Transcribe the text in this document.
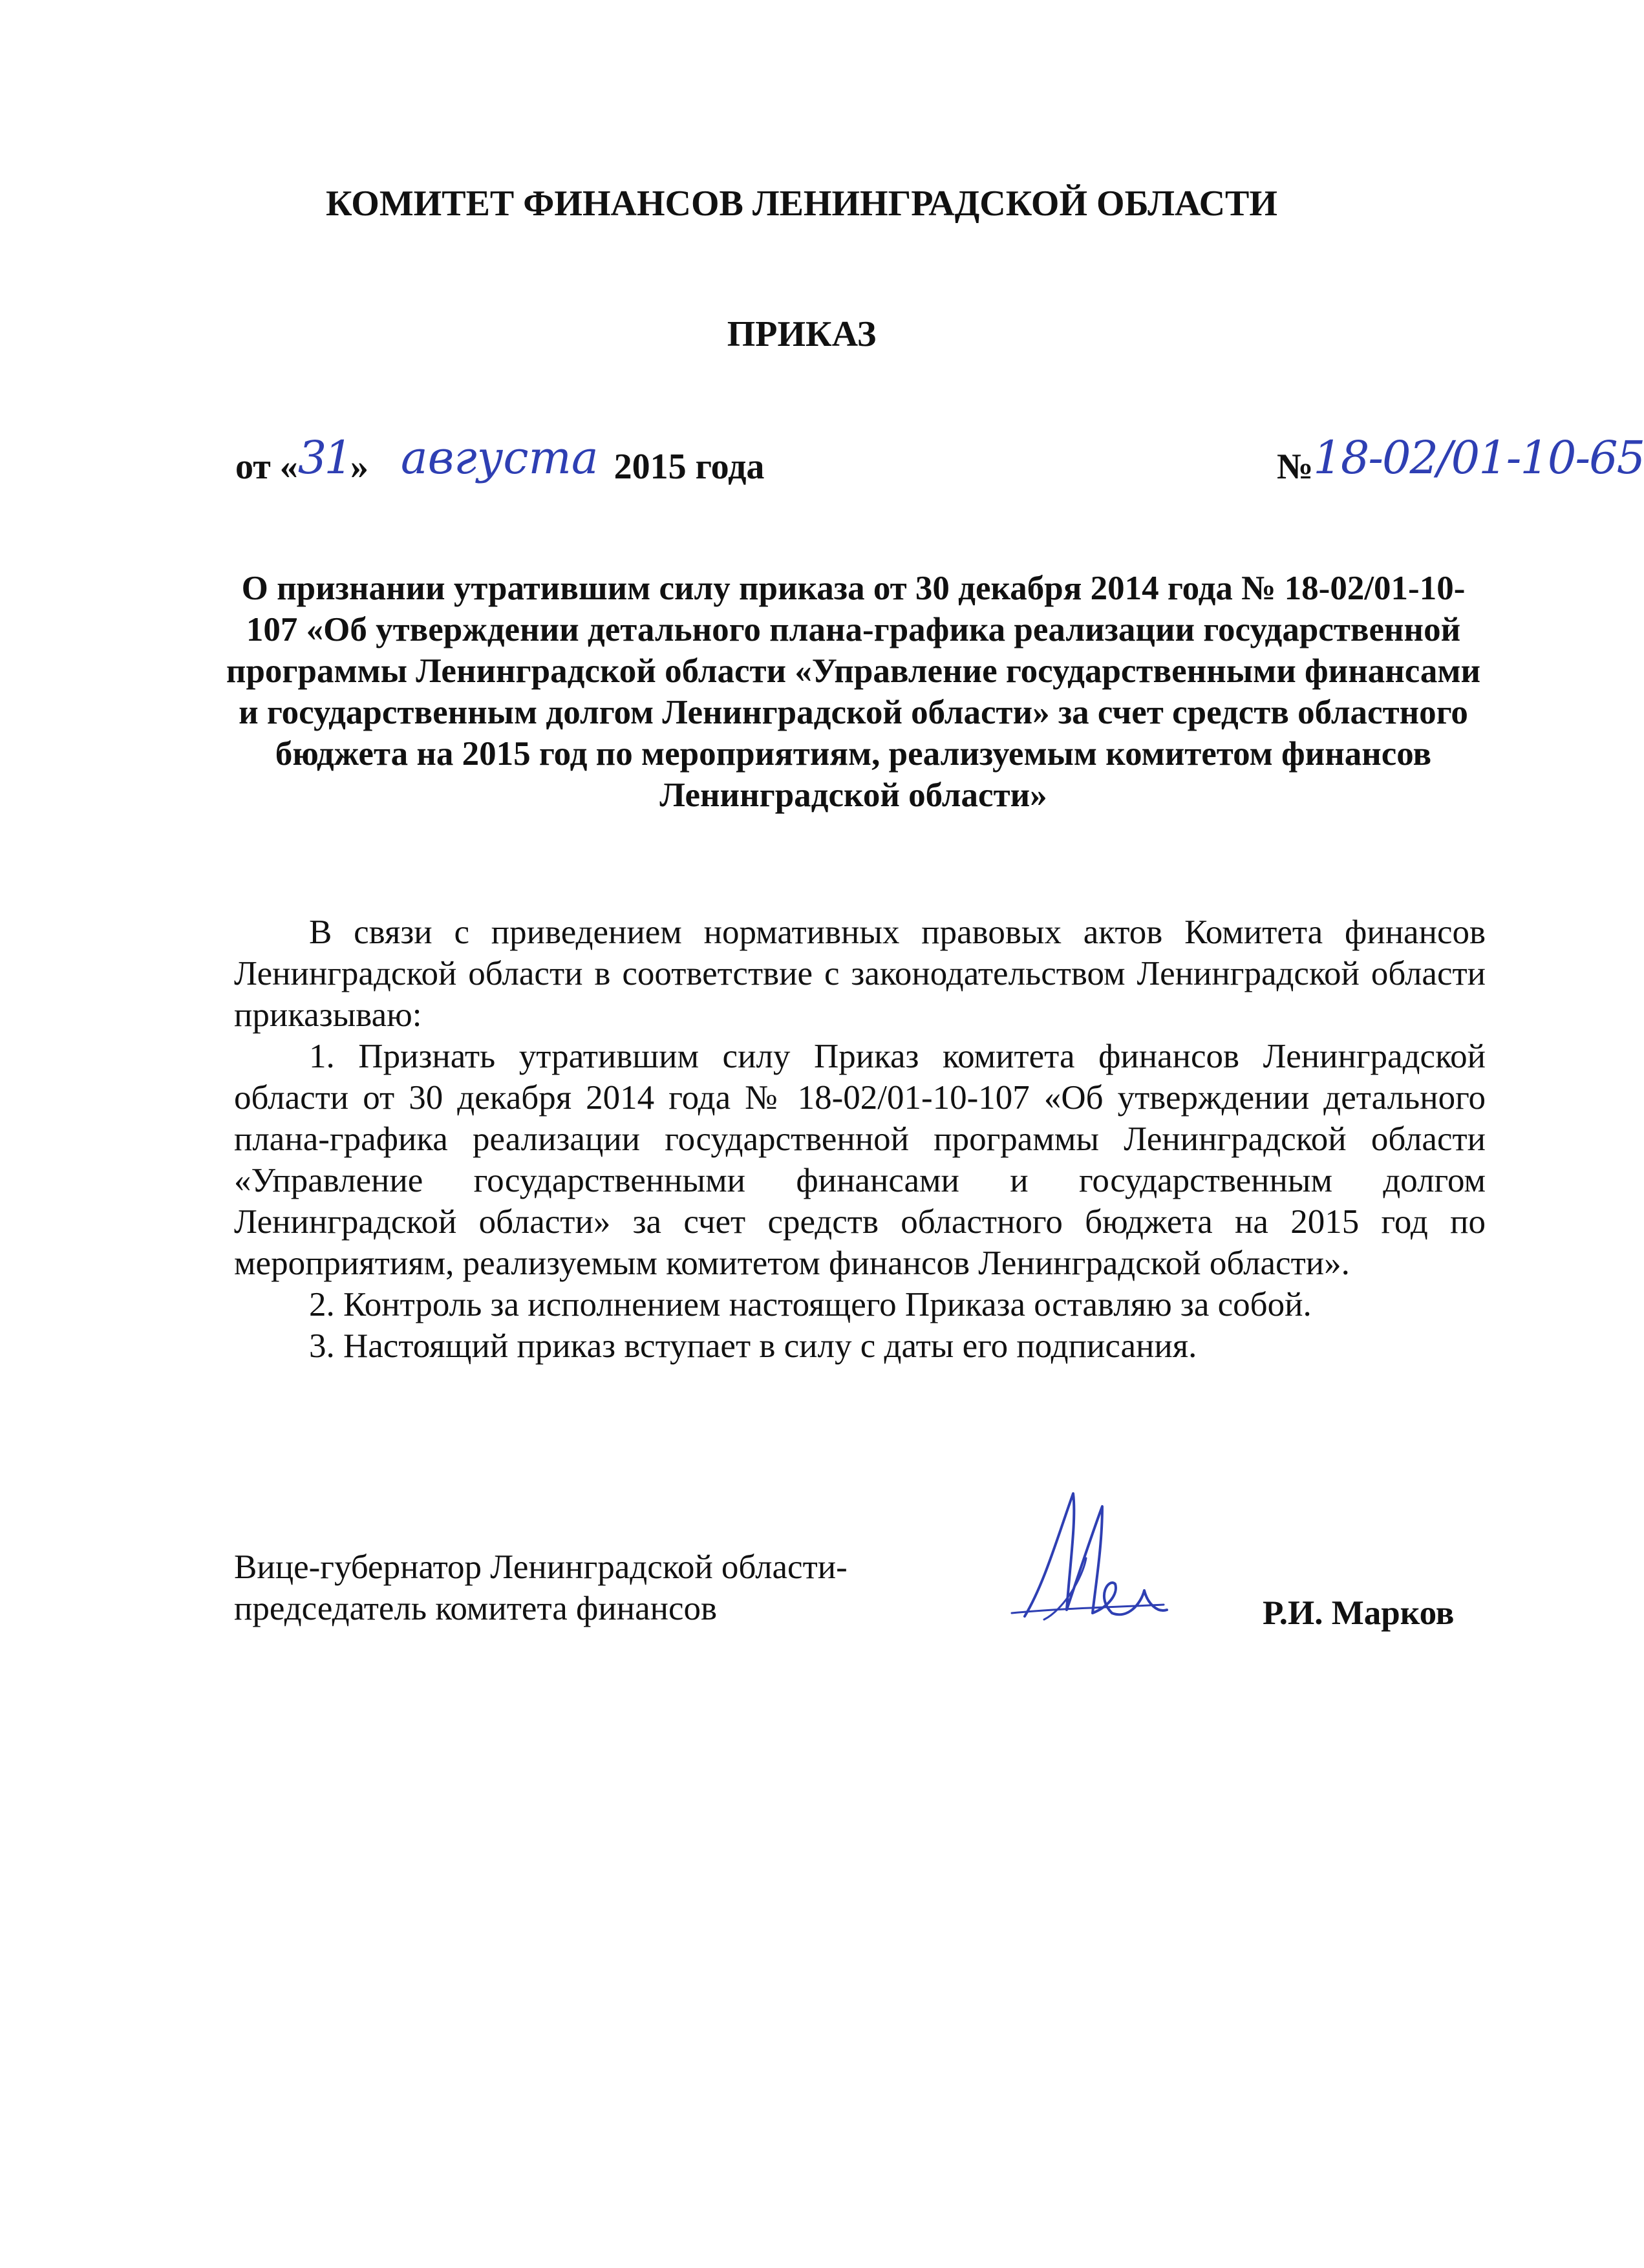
КОМИТЕТ ФИНАНСОВ ЛЕНИНГРАДСКОЙ ОБЛАСТИ
ПРИКАЗ
от «31» августа 2015 года	№18-02/01-10-65
О признании утратившим силу приказа от 30 декабря 2014 года № 18-02/01-10-107 «Об утверждении детального плана-графика реализации государственной программы Ленинградской области «Управление государственными финансами и государственным долгом Ленинградской области» за счет средств областного бюджета на 2015 год по мероприятиям, реализуемым комитетом финансов Ленинградской области»

В связи с приведением нормативных правовых актов Комитета финансов Ленинградской области в соответствие с законодательством Ленинградской области приказываю:

1. Признать утратившим силу Приказ комитета финансов Ленинградской области от 30 декабря 2014 года № 18-02/01-10-107 «Об утверждении детального плана-графика реализации государственной программы Ленинградской области «Управление государственными финансами и государственным долгом Ленинградской области» за счет средств областного бюджета на 2015 год по мероприятиям, реализуемым комитетом финансов Ленинградской области».

2. Контроль за исполнением настоящего Приказа оставляю за собой.

3. Настоящий приказ вступает в силу с даты его подписания.

Вице-губернатор Ленинградской области-
председатель комитета финансов	Р.И. Марков
